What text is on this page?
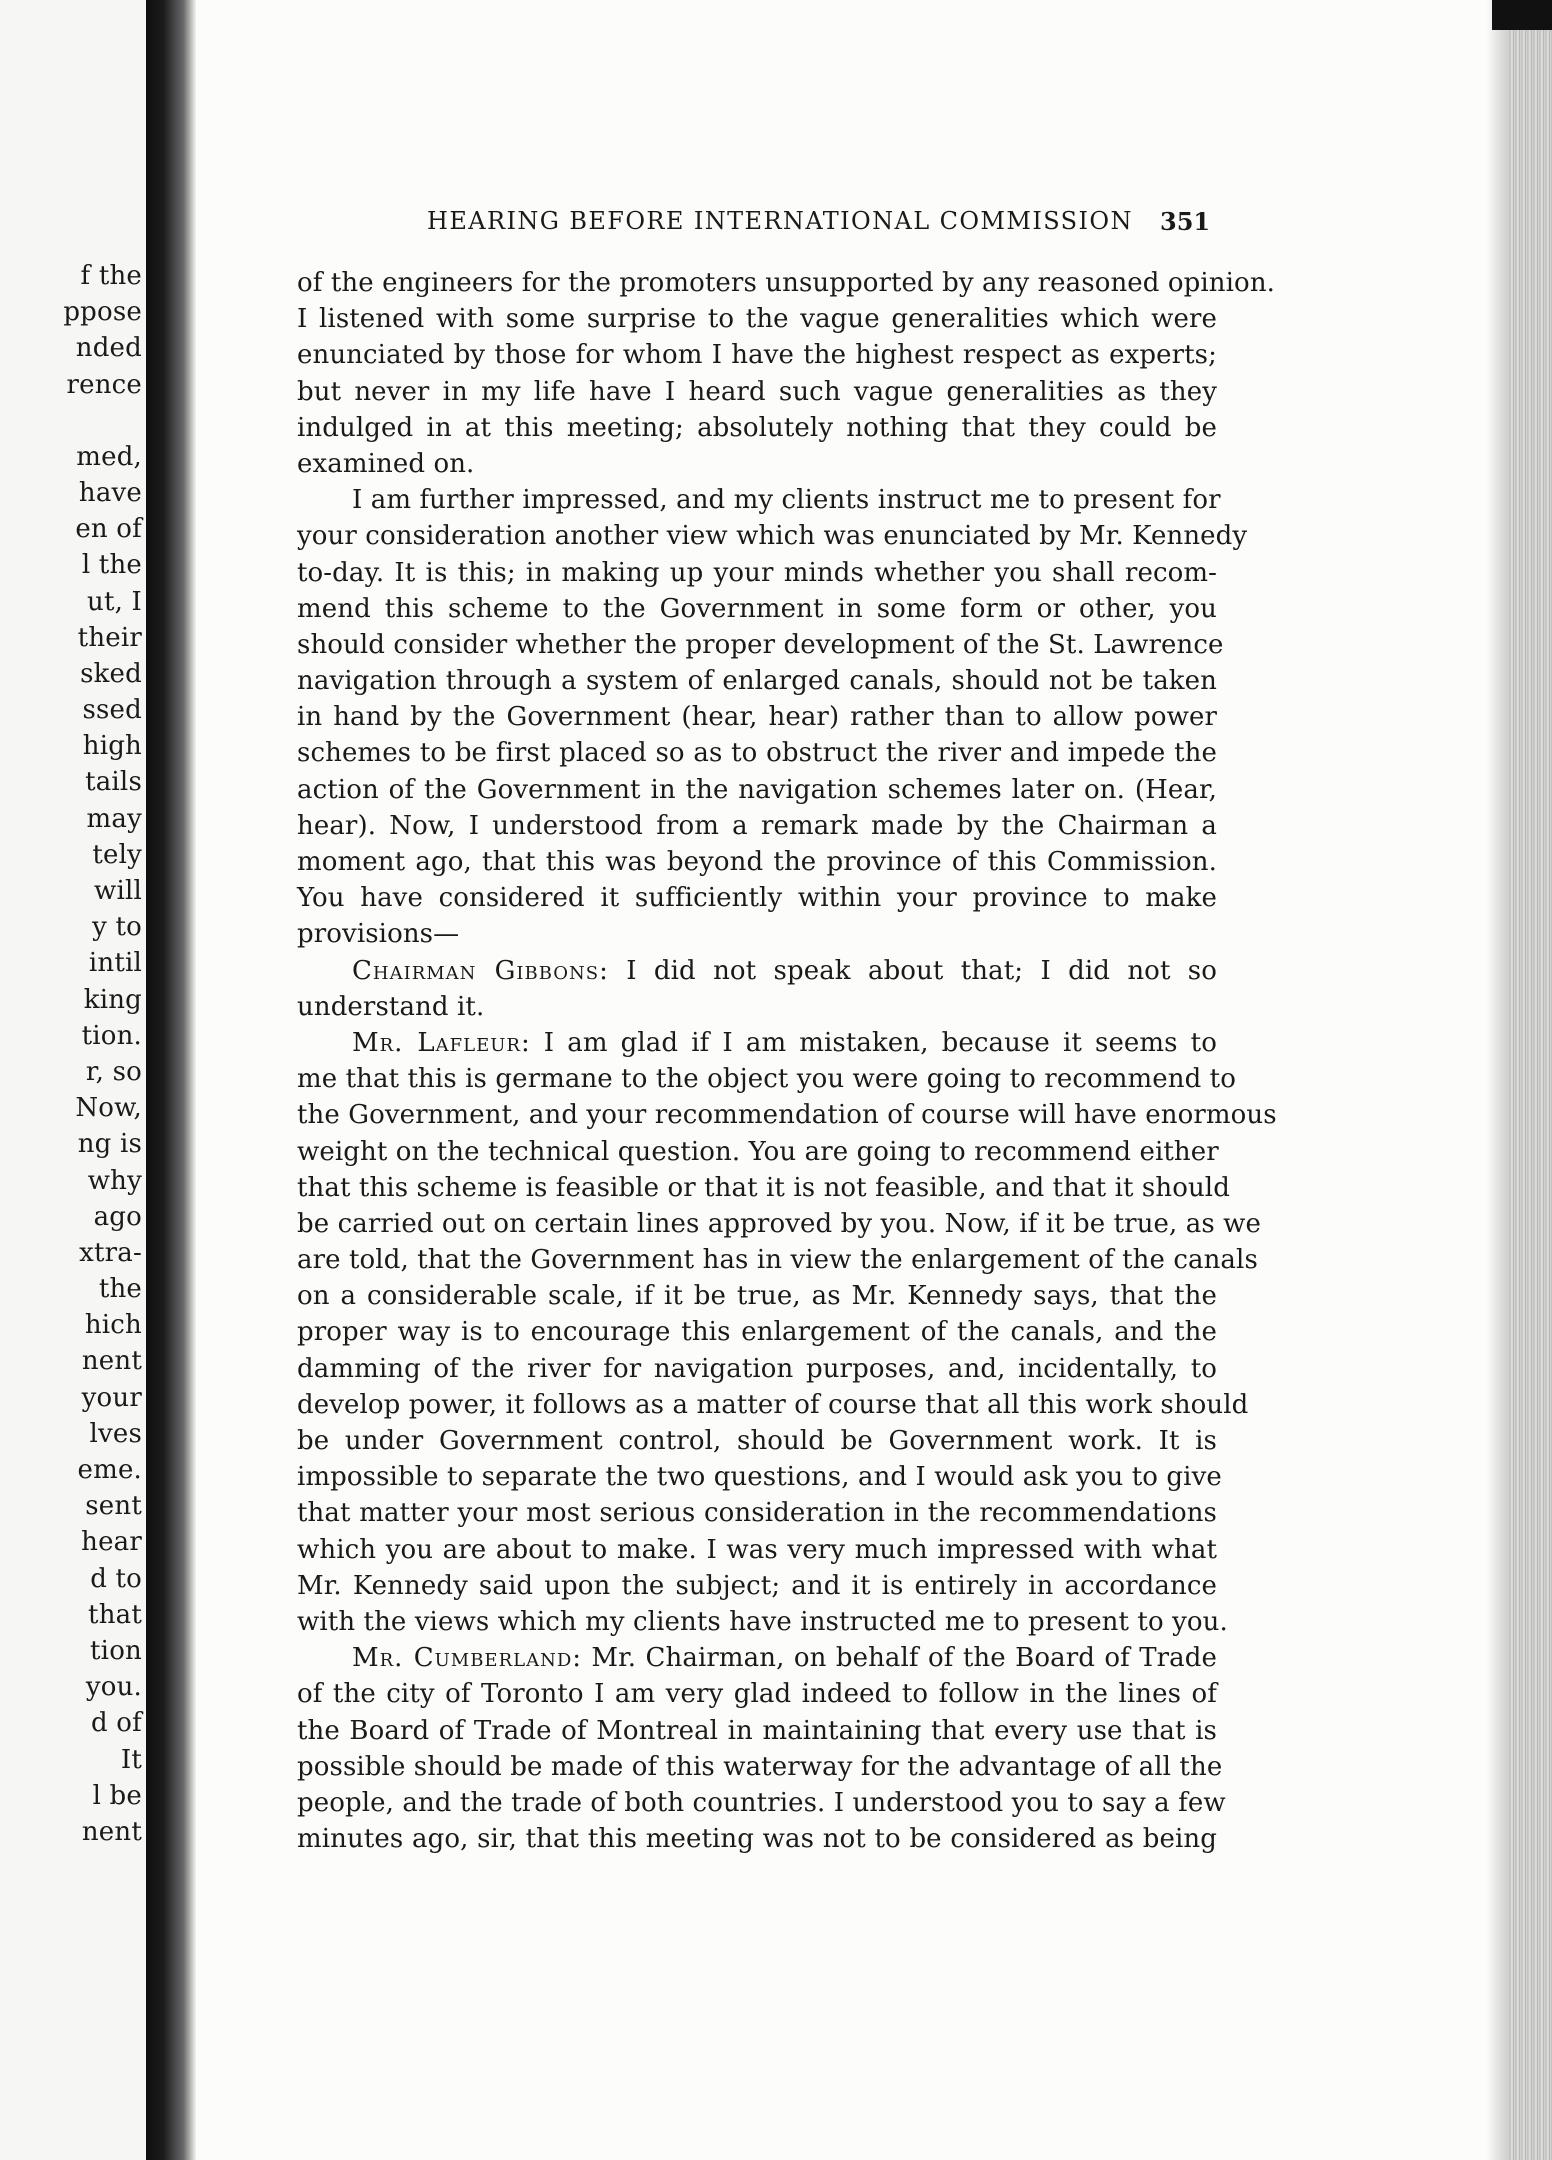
f the
ppose
nded
rence
med,
have
en of
l the
ut, I
their
sked
ssed
high
tails
may
tely
will
y to
intil
king
tion.
r, so
Now,
ng is
why
ago
xtra-
the
hich
nent
your
lves
eme.
sent
hear
d to
that
tion
you.
d of
It
l be
nent
HEARING BEFORE INTERNATIONAL COMMISSION 351
of the engineers for the promoters unsupported by any reasoned opinion.
I listened with some surprise to the vague generalities which were
enunciated by those for whom I have the highest respect as experts;
but never in my life have I heard such vague generalities as they
indulged in at this meeting; absolutely nothing that they could be
examined on.
I am further impressed, and my clients instruct me to present for
your consideration another view which was enunciated by Mr. Kennedy
to-day. It is this; in making up your minds whether you shall recom-
mend this scheme to the Government in some form or other, you
should consider whether the proper development of the St. Lawrence
navigation through a system of enlarged canals, should not be taken
in hand by the Government (hear, hear) rather than to allow power
schemes to be first placed so as to obstruct the river and impede the
action of the Government in the navigation schemes later on. (Hear,
hear). Now, I understood from a remark made by the Chairman a
moment ago, that this was beyond the province of this Commission.
You have considered it sufficiently within your province to make
provisions—
Chairman Gibbons: I did not speak about that; I did not so
understand it.
Mr. Lafleur: I am glad if I am mistaken, because it seems to
me that this is germane to the object you were going to recommend to
the Government, and your recommendation of course will have enormous
weight on the technical question. You are going to recommend either
that this scheme is feasible or that it is not feasible, and that it should
be carried out on certain lines approved by you. Now, if it be true, as we
are told, that the Government has in view the enlargement of the canals
on a considerable scale, if it be true, as Mr. Kennedy says, that the
proper way is to encourage this enlargement of the canals, and the
damming of the river for navigation purposes, and, incidentally, to
develop power, it follows as a matter of course that all this work should
be under Government control, should be Government work. It is
impossible to separate the two questions, and I would ask you to give
that matter your most serious consideration in the recommendations
which you are about to make. I was very much impressed with what
Mr. Kennedy said upon the subject; and it is entirely in accordance
with the views which my clients have instructed me to present to you.
Mr. Cumberland: Mr. Chairman, on behalf of the Board of Trade
of the city of Toronto I am very glad indeed to follow in the lines of
the Board of Trade of Montreal in maintaining that every use that is
possible should be made of this waterway for the advantage of all the
people, and the trade of both countries. I understood you to say a few
minutes ago, sir, that this meeting was not to be considered as being
